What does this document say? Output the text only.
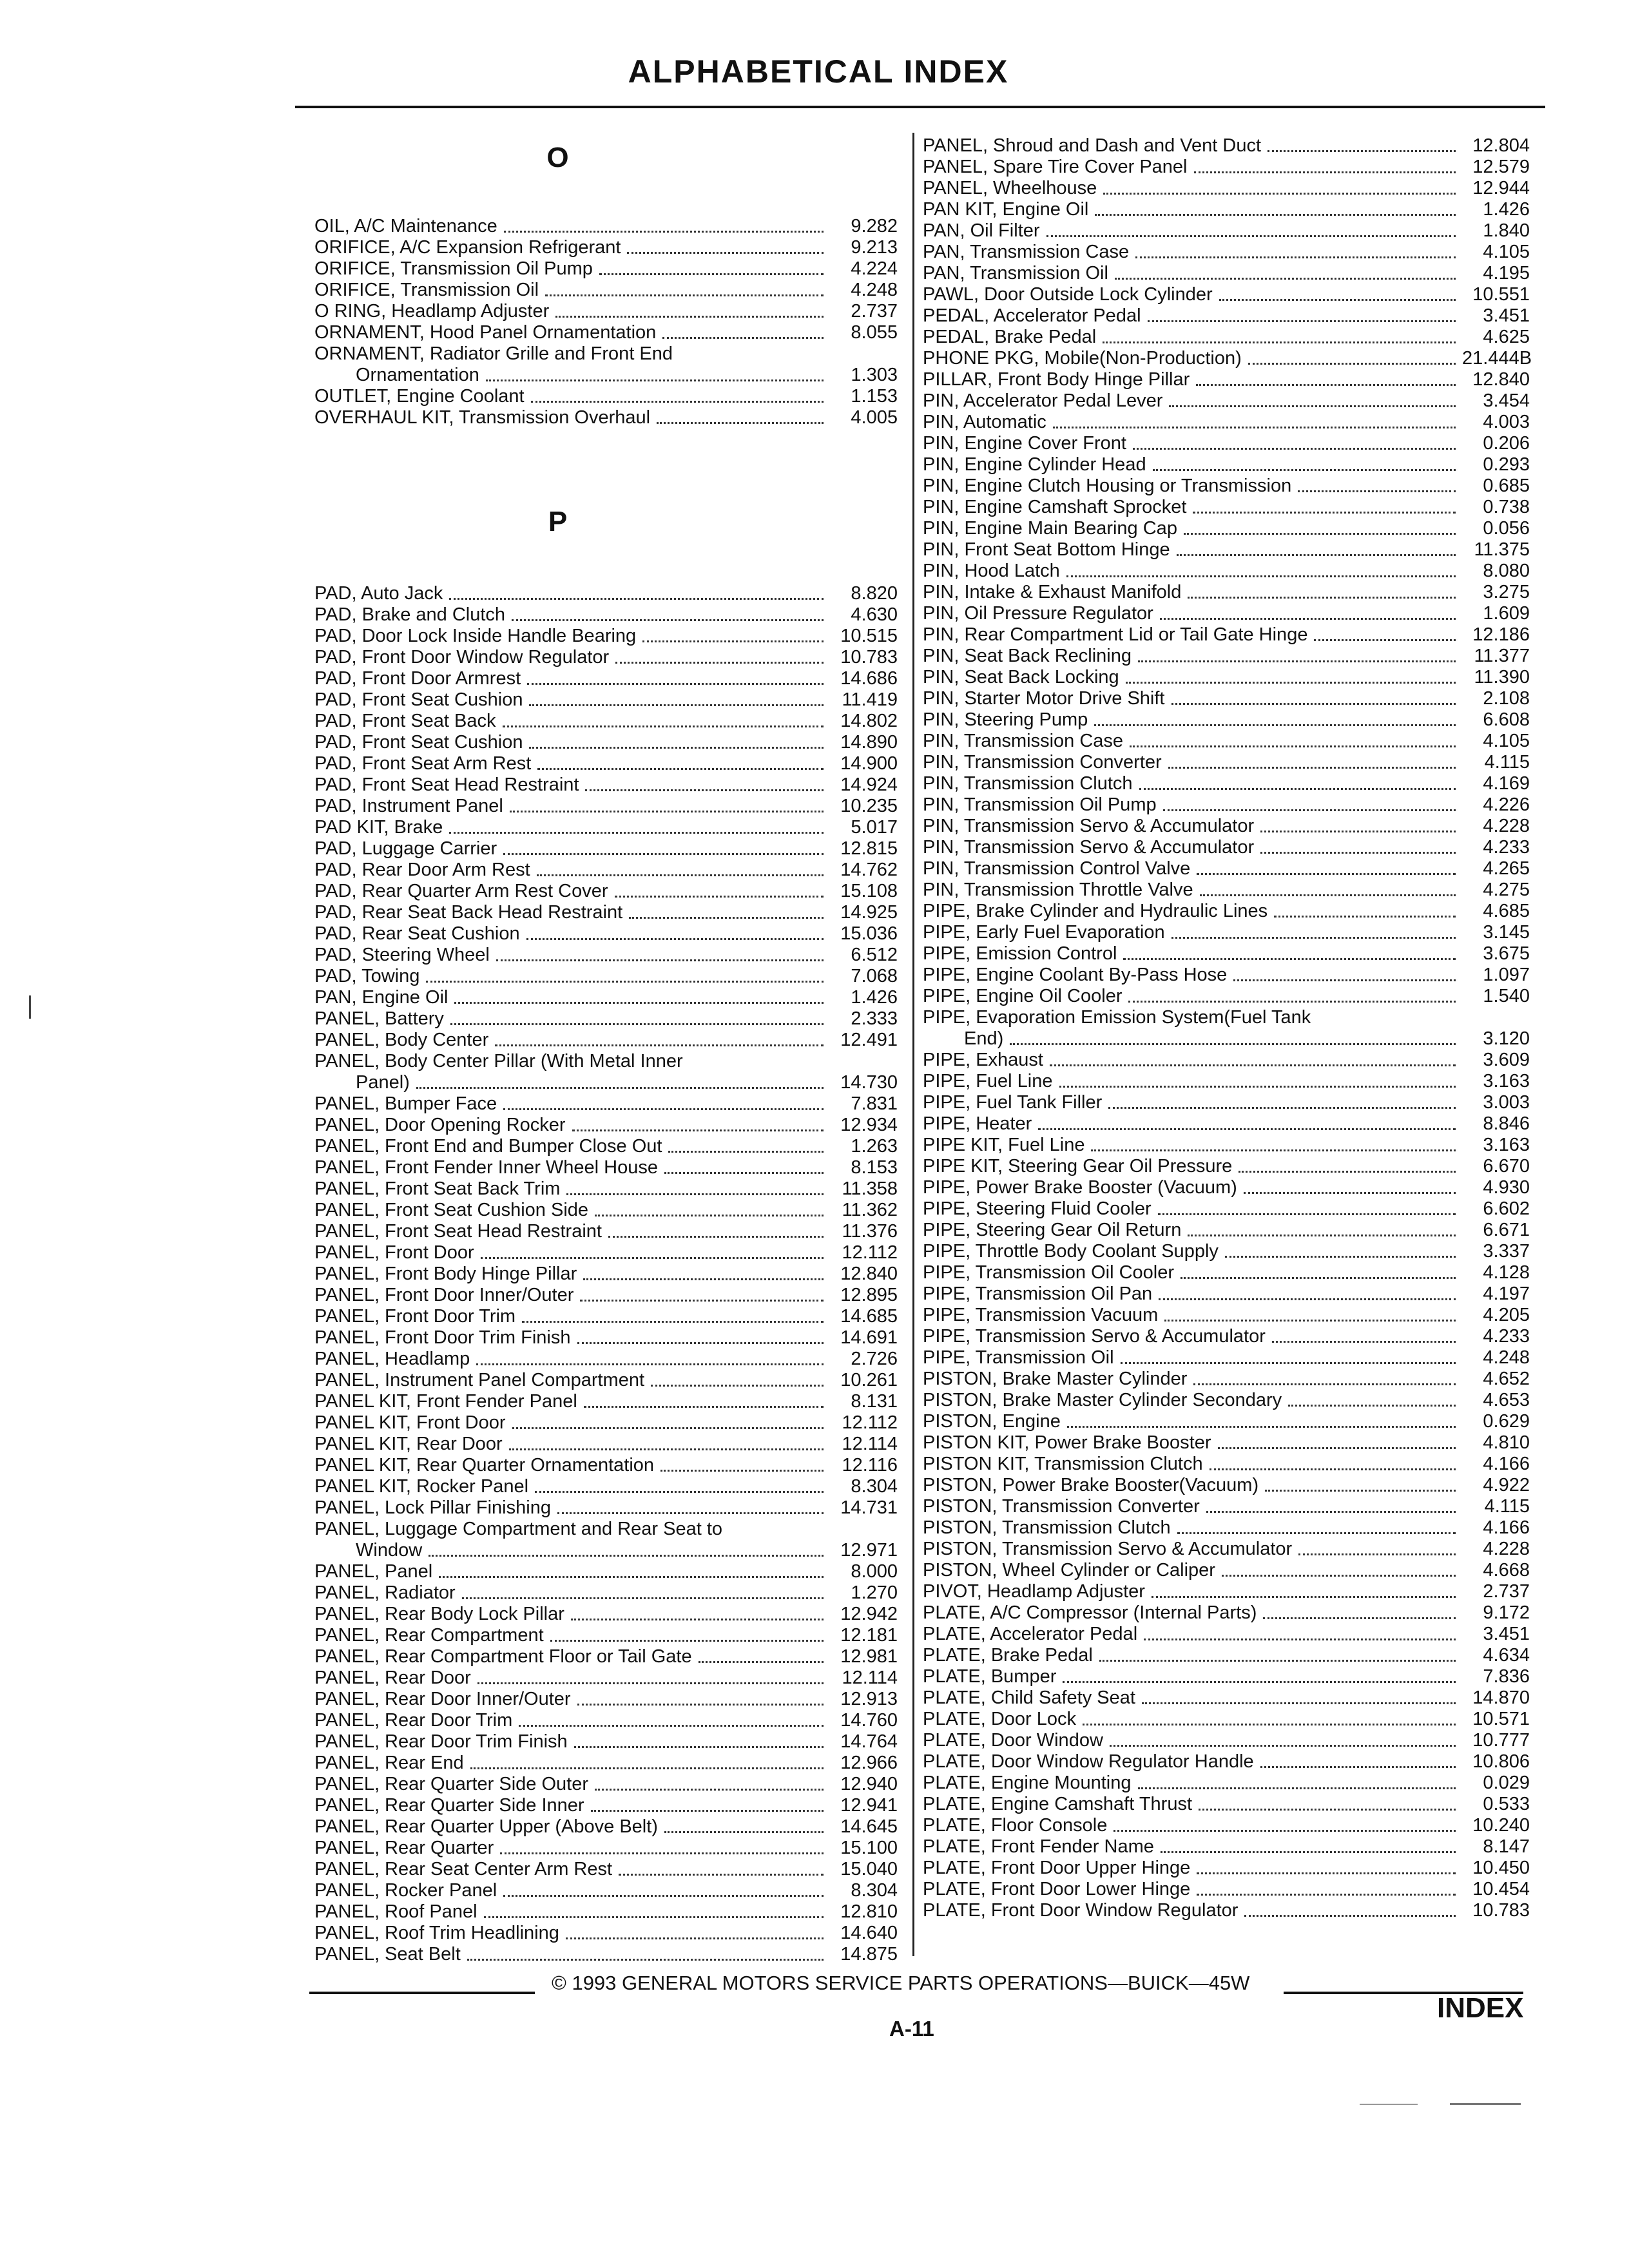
ALPHABETICAL INDEX
O
OIL, A/C Maintenance	9.282
ORIFICE, A/C Expansion Refrigerant	9.213
ORIFICE, Transmission Oil Pump	4.224
ORIFICE, Transmission Oil	4.248
O RING, Headlamp Adjuster	2.737
ORNAMENT, Hood Panel Ornamentation	8.055
ORNAMENT, Radiator Grille and Front End
Ornamentation	1.303
OUTLET, Engine Coolant	1.153
OVERHAUL KIT, Transmission Overhaul	4.005
P
PAD, Auto Jack	8.820
PAD, Brake and Clutch	4.630
PAD, Door Lock Inside Handle Bearing	10.515
PAD, Front Door Window Regulator	10.783
PAD, Front Door Armrest	14.686
PAD, Front Seat Cushion	11.419
PAD, Front Seat Back	14.802
PAD, Front Seat Cushion	14.890
PAD, Front Seat Arm Rest	14.900
PAD, Front Seat Head Restraint	14.924
PAD, Instrument Panel	10.235
PAD KIT, Brake	5.017
PAD, Luggage Carrier	12.815
PAD, Rear Door Arm Rest	14.762
PAD, Rear Quarter Arm Rest Cover	15.108
PAD, Rear Seat Back Head Restraint	14.925
PAD, Rear Seat Cushion	15.036
PAD, Steering Wheel	6.512
PAD, Towing	7.068
PAN, Engine Oil	1.426
PANEL, Battery	2.333
PANEL, Body Center	12.491
PANEL, Body Center Pillar (With Metal Inner
Panel)	14.730
PANEL, Bumper Face	7.831
PANEL, Door Opening Rocker	12.934
PANEL, Front End and Bumper Close Out	1.263
PANEL, Front Fender Inner Wheel House	8.153
PANEL, Front Seat Back Trim	11.358
PANEL, Front Seat Cushion Side	11.362
PANEL, Front Seat Head Restraint	11.376
PANEL, Front Door	12.112
PANEL, Front Body Hinge Pillar	12.840
PANEL, Front Door Inner/Outer	12.895
PANEL, Front Door Trim	14.685
PANEL, Front Door Trim Finish	14.691
PANEL, Headlamp	2.726
PANEL, Instrument Panel Compartment	10.261
PANEL KIT, Front Fender Panel	8.131
PANEL KIT, Front Door	12.112
PANEL KIT, Rear Door	12.114
PANEL KIT, Rear Quarter Ornamentation	12.116
PANEL KIT, Rocker Panel	8.304
PANEL, Lock Pillar Finishing	14.731
PANEL, Luggage Compartment and Rear Seat to
Window	12.971
PANEL, Panel	8.000
PANEL, Radiator	1.270
PANEL, Rear Body Lock Pillar	12.942
PANEL, Rear Compartment	12.181
PANEL, Rear Compartment Floor or Tail Gate	12.981
PANEL, Rear Door	12.114
PANEL, Rear Door Inner/Outer	12.913
PANEL, Rear Door Trim	14.760
PANEL, Rear Door Trim Finish	14.764
PANEL, Rear End	12.966
PANEL, Rear Quarter Side Outer	12.940
PANEL, Rear Quarter Side Inner	12.941
PANEL, Rear Quarter Upper (Above Belt)	14.645
PANEL, Rear Quarter	15.100
PANEL, Rear Seat Center Arm Rest	15.040
PANEL, Rocker Panel	8.304
PANEL, Roof Panel	12.810
PANEL, Roof Trim Headlining	14.640
PANEL, Seat Belt	14.875
PANEL, Shroud and Dash and Vent Duct	12.804
PANEL, Spare Tire Cover Panel	12.579
PANEL, Wheelhouse	12.944
PAN KIT, Engine Oil	1.426
PAN, Oil Filter	1.840
PAN, Transmission Case	4.105
PAN, Transmission Oil	4.195
PAWL, Door Outside Lock Cylinder	10.551
PEDAL, Accelerator Pedal	3.451
PEDAL, Brake Pedal	4.625
PHONE PKG, Mobile(Non-Production)	21.444B
PILLAR, Front Body Hinge Pillar	12.840
PIN, Accelerator Pedal Lever	3.454
PIN, Automatic	4.003
PIN, Engine Cover Front	0.206
PIN, Engine Cylinder Head	0.293
PIN, Engine Clutch Housing or Transmission	0.685
PIN, Engine Camshaft Sprocket	0.738
PIN, Engine Main Bearing Cap	0.056
PIN, Front Seat Bottom Hinge	11.375
PIN, Hood Latch	8.080
PIN, Intake & Exhaust Manifold	3.275
PIN, Oil Pressure Regulator	1.609
PIN, Rear Compartment Lid or Tail Gate Hinge	12.186
PIN, Seat Back Reclining	11.377
PIN, Seat Back Locking	11.390
PIN, Starter Motor Drive Shift	2.108
PIN, Steering Pump	6.608
PIN, Transmission Case	4.105
PIN, Transmission Converter	4.115
PIN, Transmission Clutch	4.169
PIN, Transmission Oil Pump	4.226
PIN, Transmission Servo & Accumulator	4.228
PIN, Transmission Servo & Accumulator	4.233
PIN, Transmission Control Valve	4.265
PIN, Transmission Throttle Valve	4.275
PIPE, Brake Cylinder and Hydraulic Lines	4.685
PIPE, Early Fuel Evaporation	3.145
PIPE, Emission Control	3.675
PIPE, Engine Coolant By-Pass Hose	1.097
PIPE, Engine Oil Cooler	1.540
PIPE, Evaporation Emission System(Fuel Tank
End)	3.120
PIPE, Exhaust	3.609
PIPE, Fuel Line	3.163
PIPE, Fuel Tank Filler	3.003
PIPE, Heater	8.846
PIPE KIT, Fuel Line	3.163
PIPE KIT, Steering Gear Oil Pressure	6.670
PIPE, Power Brake Booster (Vacuum)	4.930
PIPE, Steering Fluid Cooler	6.602
PIPE, Steering Gear Oil Return	6.671
PIPE, Throttle Body Coolant Supply	3.337
PIPE, Transmission Oil Cooler	4.128
PIPE, Transmission Oil Pan	4.197
PIPE, Transmission Vacuum	4.205
PIPE, Transmission Servo & Accumulator	4.233
PIPE, Transmission Oil	4.248
PISTON, Brake Master Cylinder	4.652
PISTON, Brake Master Cylinder Secondary	4.653
PISTON, Engine	0.629
PISTON KIT, Power Brake Booster	4.810
PISTON KIT, Transmission Clutch	4.166
PISTON, Power Brake Booster(Vacuum)	4.922
PISTON, Transmission Converter	4.115
PISTON, Transmission Clutch	4.166
PISTON, Transmission Servo & Accumulator	4.228
PISTON, Wheel Cylinder or Caliper	4.668
PIVOT, Headlamp Adjuster	2.737
PLATE, A/C Compressor (Internal Parts)	9.172
PLATE, Accelerator Pedal	3.451
PLATE, Brake Pedal	4.634
PLATE, Bumper	7.836
PLATE, Child Safety Seat	14.870
PLATE, Door Lock	10.571
PLATE, Door Window	10.777
PLATE, Door Window Regulator Handle	10.806
PLATE, Engine Mounting	0.029
PLATE, Engine Camshaft Thrust	0.533
PLATE, Floor Console	10.240
PLATE, Front Fender Name	8.147
PLATE, Front Door Upper Hinge	10.450
PLATE, Front Door Lower Hinge	10.454
PLATE, Front Door Window Regulator	10.783
© 1993 GENERAL MOTORS SERVICE PARTS OPERATIONS—BUICK—45W
A-11
INDEX
